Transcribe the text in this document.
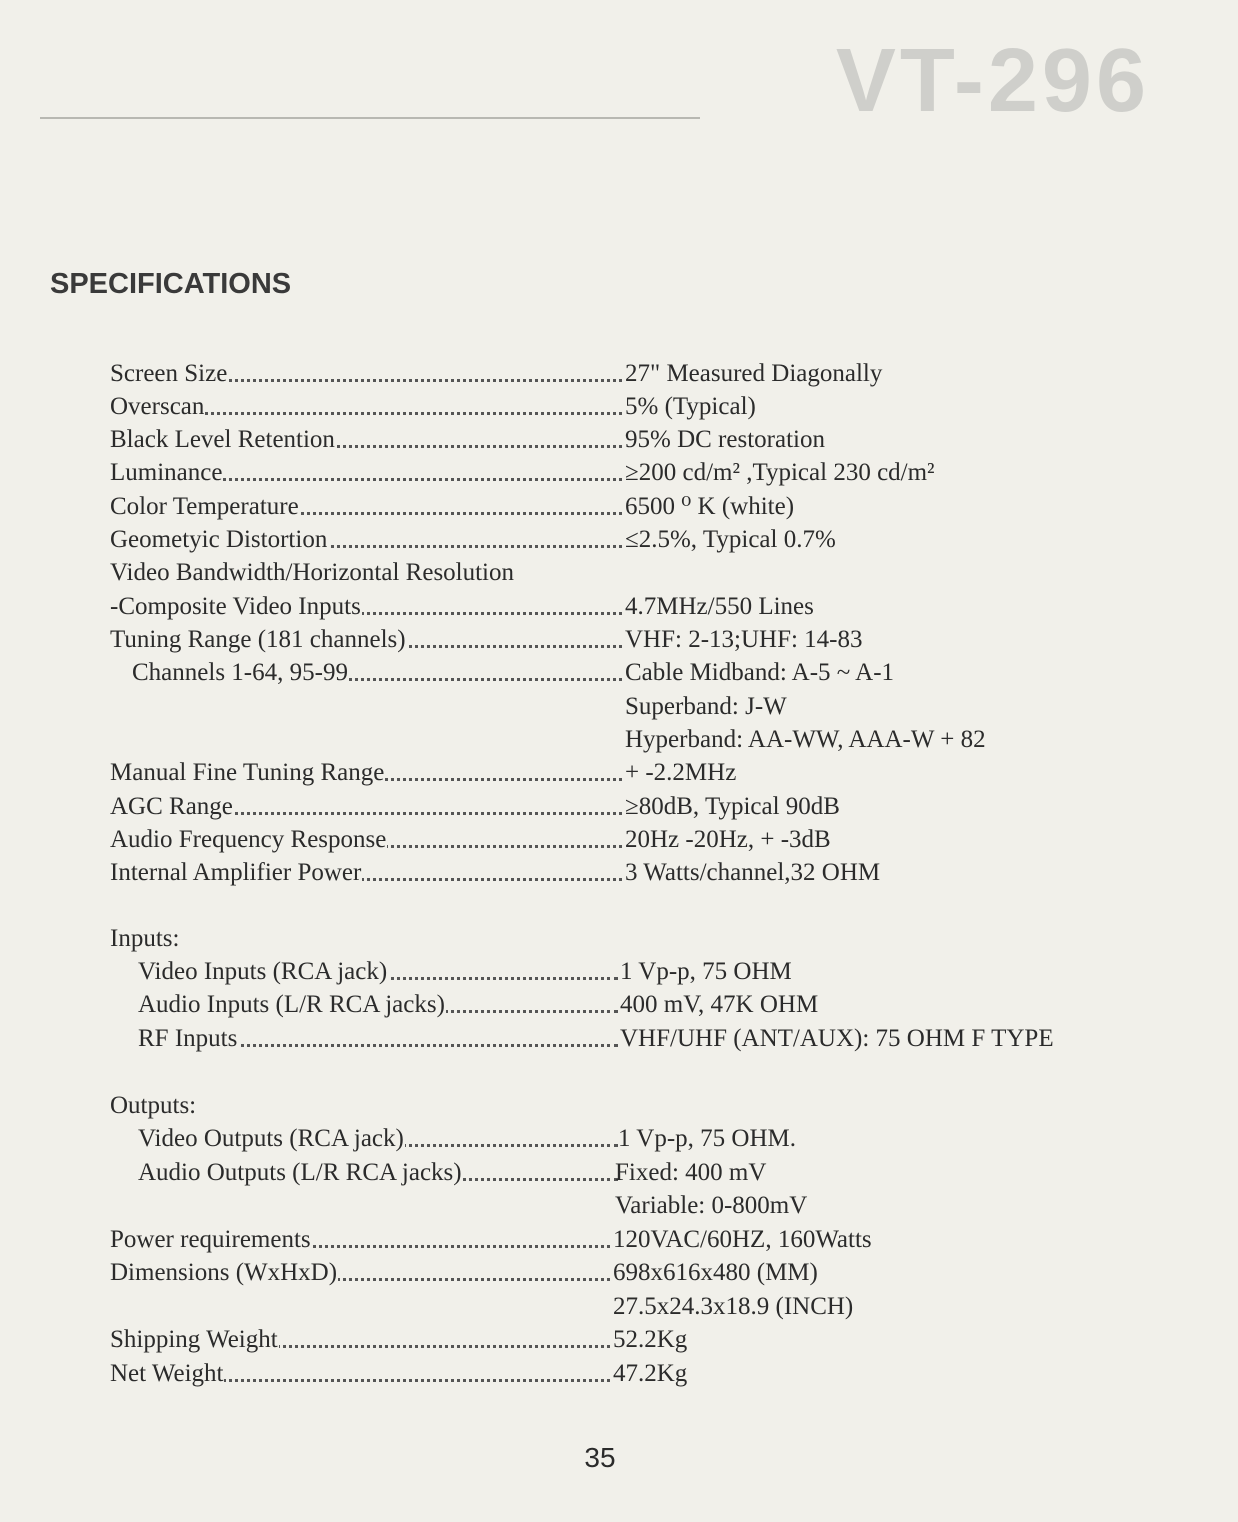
VT-296
SPECIFICATIONS
Screen Size	27" Measured Diagonally
Overscan	5% (Typical)
Black Level Retention	95% DC restoration
Luminance	≥200 cd/m² ,Typical 230 cd/m²
Color Temperature	6500 ⁰ K (white)
Geometyic Distortion	≤2.5%, Typical 0.7%
Video Bandwidth/Horizontal Resolution
-Composite Video Inputs	4.7MHz/550 Lines
Tuning Range (181 channels)	VHF: 2-13;UHF: 14-83
Channels 1-64, 95-99	Cable Midband: A-5 ~ A-1
Superband: J-W
Hyperband: AA-WW, AAA-W + 82
Manual Fine Tuning Range	+ -2.2MHz
AGC Range	≥80dB, Typical 90dB
Audio Frequency Response	20Hz -20Hz, + -3dB
Internal Amplifier Power	3 Watts/channel,32 OHM
Inputs:
Video Inputs (RCA jack)	1 Vp-p, 75 OHM
Audio Inputs (L/R RCA jacks)	400 mV, 47K OHM
RF Inputs	VHF/UHF (ANT/AUX): 75 OHM F TYPE
Outputs:
Video Outputs (RCA jack)	1 Vp-p, 75 OHM.
Audio Outputs (L/R RCA jacks)	Fixed: 400 mV
Variable: 0-800mV
Power requirements	120VAC/60HZ, 160Watts
Dimensions (WxHxD)	698x616x480 (MM)
27.5x24.3x18.9 (INCH)
Shipping Weight	52.2Kg
Net Weight	47.2Kg
35
